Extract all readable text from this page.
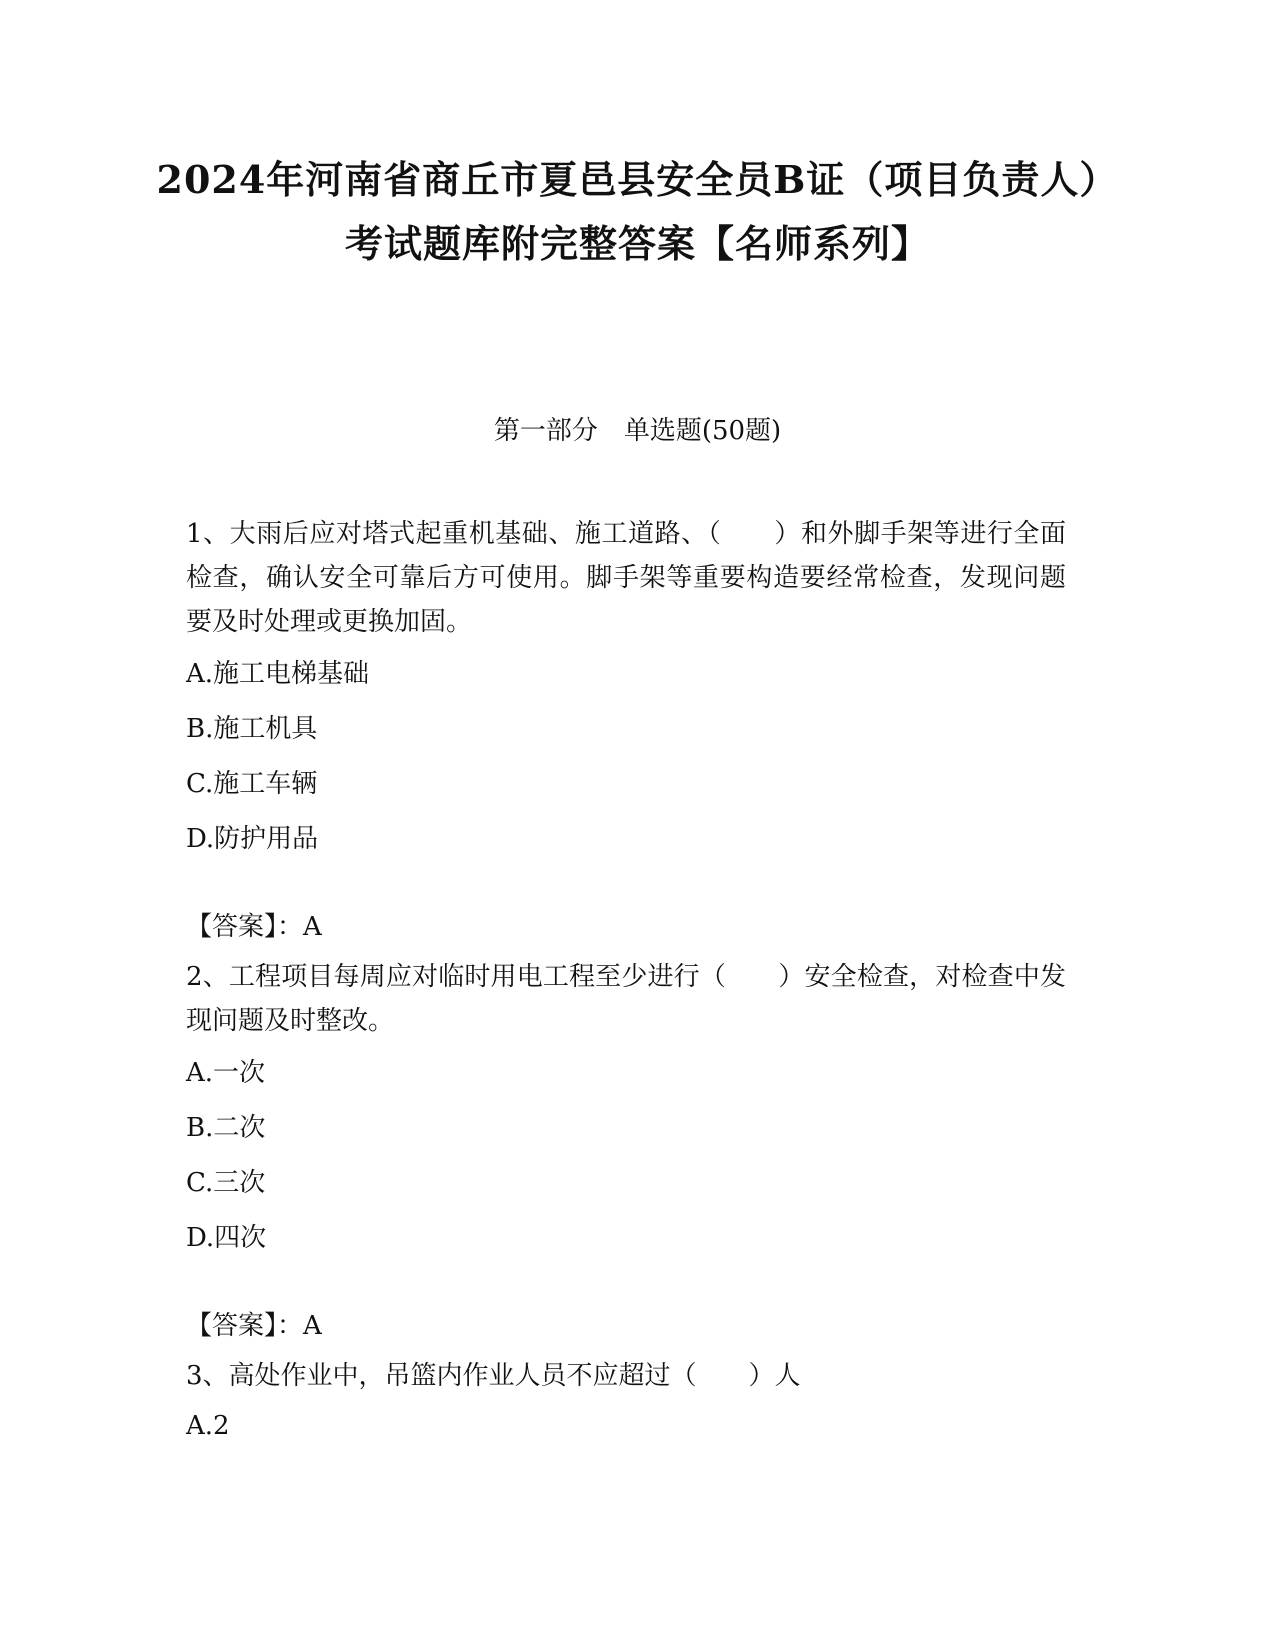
2024年河南省商丘市夏邑县安全员B证（项目负责人）考试题库附完整答案【名师系列】
第一部分　单选题(50题)

1、大雨后应对塔式起重机基础、施工道路、（　　）和外脚手架等进行全面检查，确认安全可靠后方可使用。脚手架等重要构造要经常检查，发现问题要及时处理或更换加固。

A.施工电梯基础
B.施工机具
C.施工车辆
D.防护用品
【答案】：A

2、工程项目每周应对临时用电工程至少进行（　　）安全检查，对检查中发现问题及时整改。

A.一次
B.二次
C.三次
D.四次
【答案】：A

3、高处作业中，吊篮内作业人员不应超过（　　）人

A.2
